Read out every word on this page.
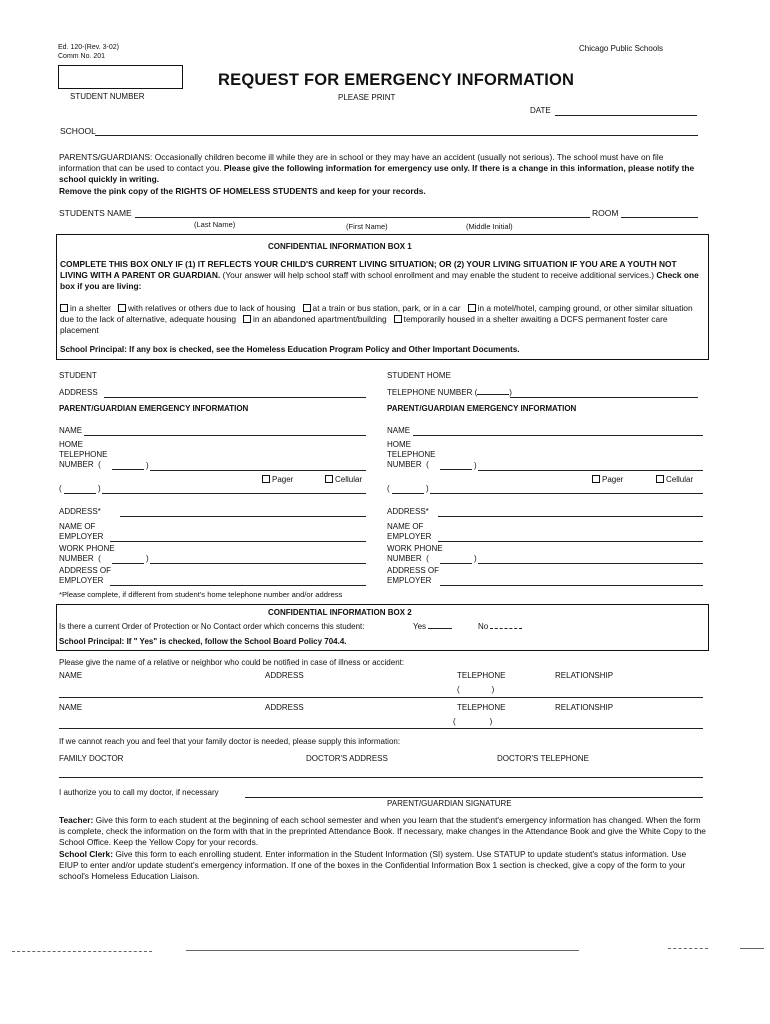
Ed. 120-(Rev. 3-02)
Comm No. 201
Chicago Public Schools
STUDENT NUMBER
REQUEST FOR EMERGENCY INFORMATION
PLEASE PRINT
DATE
SCHOOL
PARENTS/GUARDIANS: Occasionally children become ill while they are in school or they may have an accident (usually not serious). The school must have on file information that can be used to contact you. Please give the following information for emergency use only. If there is a change in this information, please notify the school quickly in writing.
Remove the pink copy of the RIGHTS OF HOMELESS STUDENTS and keep for your records.
STUDENTS NAME	ROOM
(Last Name)	(First Name)	(Middle Initial)
CONFIDENTIAL INFORMATION BOX 1
COMPLETE THIS BOX ONLY IF (1) IT REFLECTS YOUR CHILD'S CURRENT LIVING SITUATION; OR (2) YOUR LIVING SITUATION IF YOU ARE A YOUTH NOT LIVING WITH A PARENT OR GUARDIAN. (Your answer will help school staff with school enrollment and may enable the student to receive additional services.) Check one box if you are living:
in a shelter with relatives or others due to lack of housing at a train or bus station, park, or in a car in a motel/hotel, camping ground, or other similar situation due to the lack of alternative, adequate housing in an abandoned apartment/building temporarily housed in a shelter awaiting a DCFS permanent foster care placement
School Principal: If any box is checked, see the Homeless Education Program Policy and Other Important Documents.
STUDENT
ADDRESS
STUDENT HOME
TELEPHONE NUMBER (	)
PARENT/GUARDIAN EMERGENCY INFORMATION	PARENT/GUARDIAN EMERGENCY INFORMATION
NAME
HOME
TELEPHONE
NUMBER  (	)
Pager	Cellular
(	)
ADDRESS*
NAME OF
EMPLOYER
WORK PHONE
NUMBER  (	)
ADDRESS OF
EMPLOYER
NAME
HOME
TELEPHONE
NUMBER  (	)
Pager	Cellular
(	)
ADDRESS*
NAME OF
EMPLOYER
WORK PHONE
NUMBER  (	)
ADDRESS OF
EMPLOYER
*Please complete, if different from student's home telephone number and/or address
CONFIDENTIAL INFORMATION BOX 2
Is there a current Order of Protection or No Contact order which concerns this student:	Yes	No
School Principal: If " Yes" is checked, follow the School Board Policy 704.4.
Please give the name of a relative or neighbor who could be notified in case of illness or accident:
NAME	ADDRESS	TELEPHONE	RELATIONSHIP
(	)
NAME	ADDRESS	TELEPHONE	RELATIONSHIP
(	)
If we cannot reach you and feel that your family doctor is needed, please supply this information:
FAMILY DOCTOR	DOCTOR'S ADDRESS	DOCTOR'S TELEPHONE
I authorize you to call my doctor, if necessary
PARENT/GUARDIAN SIGNATURE
Teacher: Give this form to each student at the beginning of each school semester and when you learn that the student's emergency information has changed. When the form is complete, check the information on the form with that in the preprinted Attendance Book. If necessary, make changes in the Attendance Book and give the White Copy to the School Office. Keep the Yellow Copy for your records.
School Clerk: Give this form to each enrolling student. Enter information in the Student Information (SI) system. Use STATUP to update student's status information. Use EIUP to enter and/or update student's emergency information. If one of the boxes in the Confidential Information Box 1 section is checked, give a copy of the form to your school's Homeless Education Liaison.
